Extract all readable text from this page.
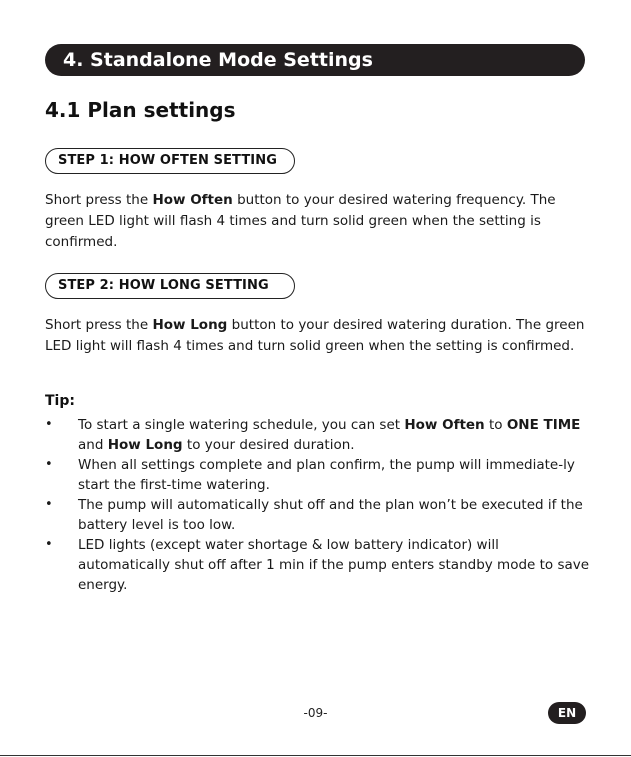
4. Standalone Mode Settings
4.1 Plan settings
STEP 1: HOW OFTEN SETTING
Short press the How Often button to your desired watering frequency. The green LED light will flash 4 times and turn solid green when the setting is confirmed.
STEP 2: HOW LONG SETTING
Short press the How Long button to your desired watering duration. The green LED light will flash 4 times and turn solid green when the setting is confirmed.
Tip:
• To start a single watering schedule, you can set How Often to ONE TIME and How Long to your desired duration.
• When all settings complete and plan confirm, the pump will immediate-ly start the first-time watering.
• The pump will automatically shut off and the plan won’t be executed if the battery level is too low.
• LED lights (except water shortage & low battery indicator) will automatically shut off after 1 min if the pump enters standby mode to save energy.
-09-	EN
